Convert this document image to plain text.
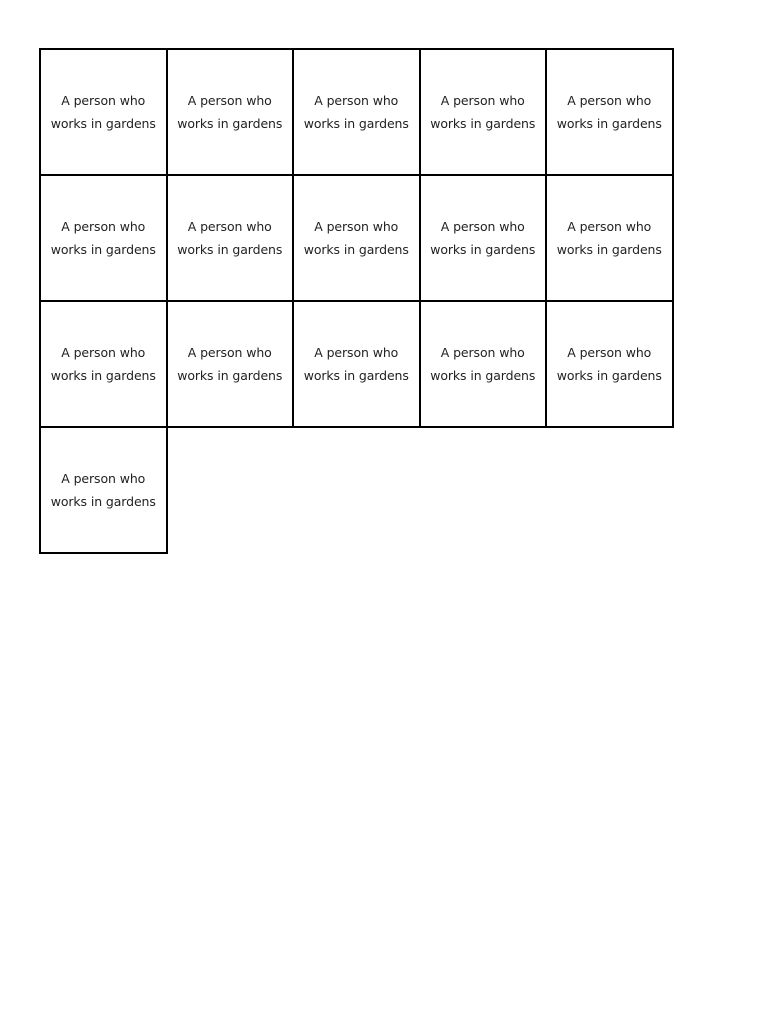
A person who works in gardens
A person who works in gardens
A person who works in gardens
A person who works in gardens
A person who works in gardens
A person who works in gardens
A person who works in gardens
A person who works in gardens
A person who works in gardens
A person who works in gardens
A person who works in gardens
A person who works in gardens
A person who works in gardens
A person who works in gardens
A person who works in gardens
A person who works in gardens
